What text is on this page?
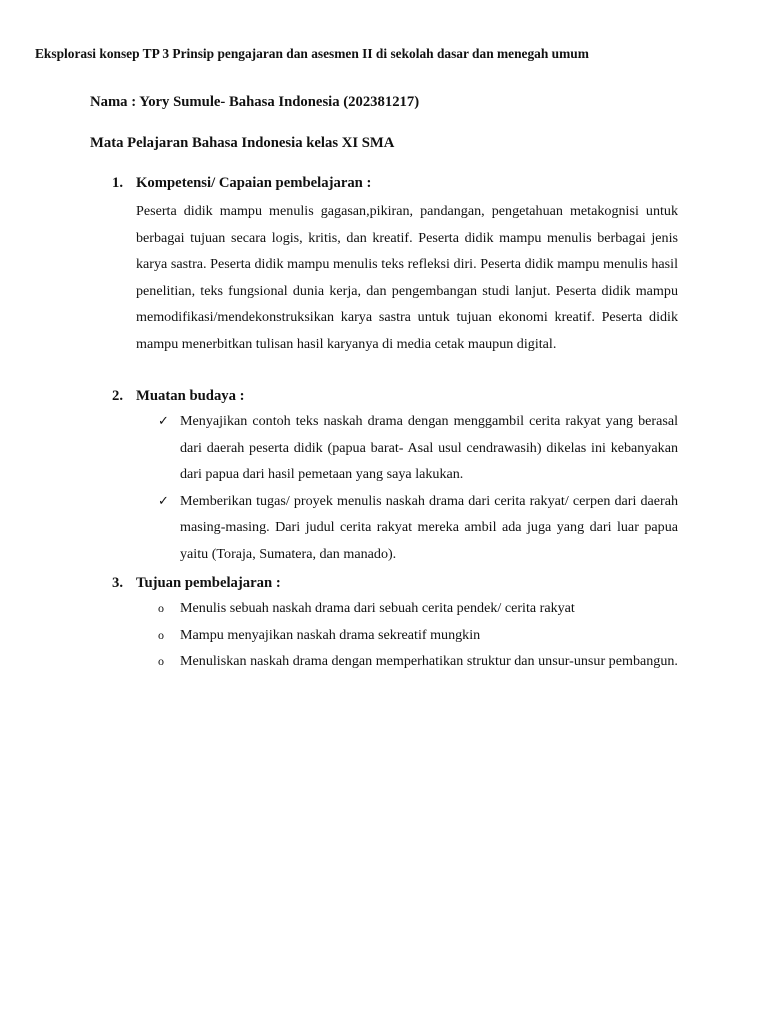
Eksplorasi konsep TP 3 Prinsip pengajaran dan asesmen II di sekolah dasar dan menegah umum
Nama : Yory Sumule- Bahasa Indonesia (202381217)
Mata Pelajaran Bahasa Indonesia kelas XI SMA
1. Kompetensi/ Capaian pembelajaran :
Peserta didik mampu menulis gagasan,pikiran, pandangan, pengetahuan metakognisi untuk berbagai tujuan secara logis, kritis, dan kreatif. Peserta didik mampu menulis berbagai jenis karya sastra. Peserta didik mampu menulis teks refleksi diri. Peserta didik mampu menulis hasil penelitian, teks fungsional dunia kerja, dan pengembangan studi lanjut. Peserta didik mampu memodifikasi/mendekonstruksikan karya sastra untuk tujuan ekonomi kreatif. Peserta didik mampu menerbitkan tulisan hasil karyanya di media cetak maupun digital.
2. Muatan budaya :
✓ Menyajikan contoh teks naskah drama dengan menggambil cerita rakyat yang berasal dari daerah peserta didik (papua barat- Asal usul cendrawasih) dikelas ini kebanyakan dari papua dari hasil pemetaan yang saya lakukan.
✓ Memberikan tugas/ proyek menulis naskah drama dari cerita rakyat/ cerpen dari daerah masing-masing. Dari judul cerita rakyat mereka ambil ada juga yang dari luar papua yaitu (Toraja, Sumatera, dan manado).
3. Tujuan pembelajaran :
o Menulis sebuah naskah drama dari sebuah cerita pendek/ cerita rakyat
o Mampu menyajikan naskah drama sekreatif mungkin
o Menuliskan naskah drama dengan memperhatikan struktur dan unsur-unsur pembangun.
